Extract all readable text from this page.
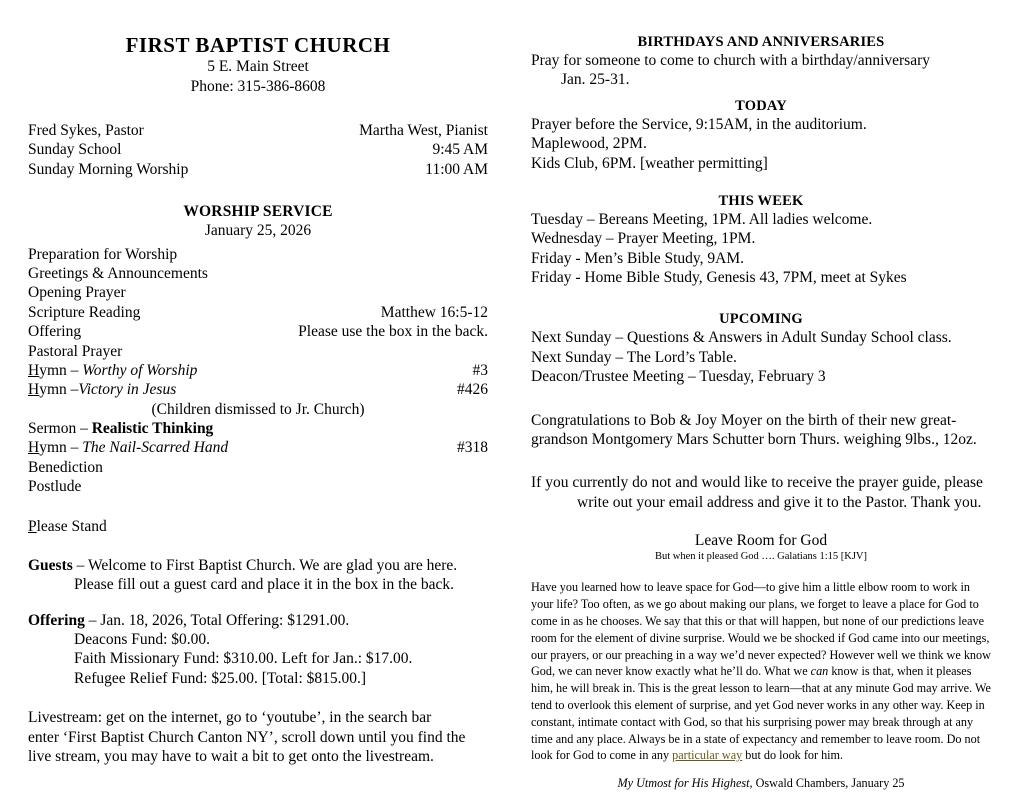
FIRST BAPTIST CHURCH
5 E. Main Street
Phone: 315-386-8608
Fred Sykes, Pastor	Martha West, Pianist
Sunday School	9:45 AM
Sunday Morning Worship	11:00 AM
WORSHIP SERVICE
January 25, 2026
Preparation for Worship
Greetings & Announcements
Opening Prayer
Scripture Reading	Matthew 16:5-12
Offering	Please use the box in the back.
Pastoral Prayer
Hymn – Worthy of Worship	#3
Hymn –Victory in Jesus	#426
(Children dismissed to Jr. Church)
Sermon – Realistic Thinking
Hymn – The Nail-Scarred Hand	#318
Benediction
Postlude
Please Stand
Guests – Welcome to First Baptist Church. We are glad you are here.
Please fill out a guest card and place it in the box in the back.
Offering – Jan. 18, 2026, Total Offering: $1291.00.
Deacons Fund: $0.00.
Faith Missionary Fund: $310.00. Left for Jan.: $17.00.
Refugee Relief Fund: $25.00. [Total: $815.00.]
Livestream: get on the internet, go to ‘youtube’, in the search bar
enter ‘First Baptist Church Canton NY’, scroll down until you find the
live stream, you may have to wait a bit to get onto the livestream.
BIRTHDAYS AND ANNIVERSARIES
Pray for someone to come to church with a birthday/anniversary
Jan. 25-31.
TODAY
Prayer before the Service, 9:15AM, in the auditorium.
Maplewood, 2PM.
Kids Club, 6PM. [weather permitting]
THIS WEEK
Tuesday – Bereans Meeting, 1PM. All ladies welcome.
Wednesday – Prayer Meeting, 1PM.
Friday - Men’s Bible Study, 9AM.
Friday - Home Bible Study, Genesis 43, 7PM, meet at Sykes
UPCOMING
Next Sunday – Questions & Answers in Adult Sunday School class.
Next Sunday – The Lord’s Table.
Deacon/Trustee Meeting – Tuesday, February 3
Congratulations to Bob & Joy Moyer on the birth of their new great-
grandson Montgomery Mars Schutter born Thurs. weighing 9lbs., 12oz.
If you currently do not and would like to receive the prayer guide, please
write out your email address and give it to the Pastor. Thank you.
Leave Room for God
But when it pleased God …. Galatians 1:15 [KJV]
Have you learned how to leave space for God—to give him a little elbow room to work in your life? Too often, as we go about making our plans, we forget to leave a place for God to come in as he chooses. We say that this or that will happen, but none of our predictions leave room for the element of divine surprise. Would we be shocked if God came into our meetings, our prayers, or our preaching in a way we’d never expected? However well we think we know God, we can never know exactly what he’ll do. What we can know is that, when it pleases him, he will break in. This is the great lesson to learn—that at any minute God may arrive. We tend to overlook this element of surprise, and yet God never works in any other way. Keep in constant, intimate contact with God, so that his surprising power may break through at any time and any place. Always be in a state of expectancy and remember to leave room. Do not look for God to come in any particular way but do look for him.
My Utmost for His Highest, Oswald Chambers, January 25
